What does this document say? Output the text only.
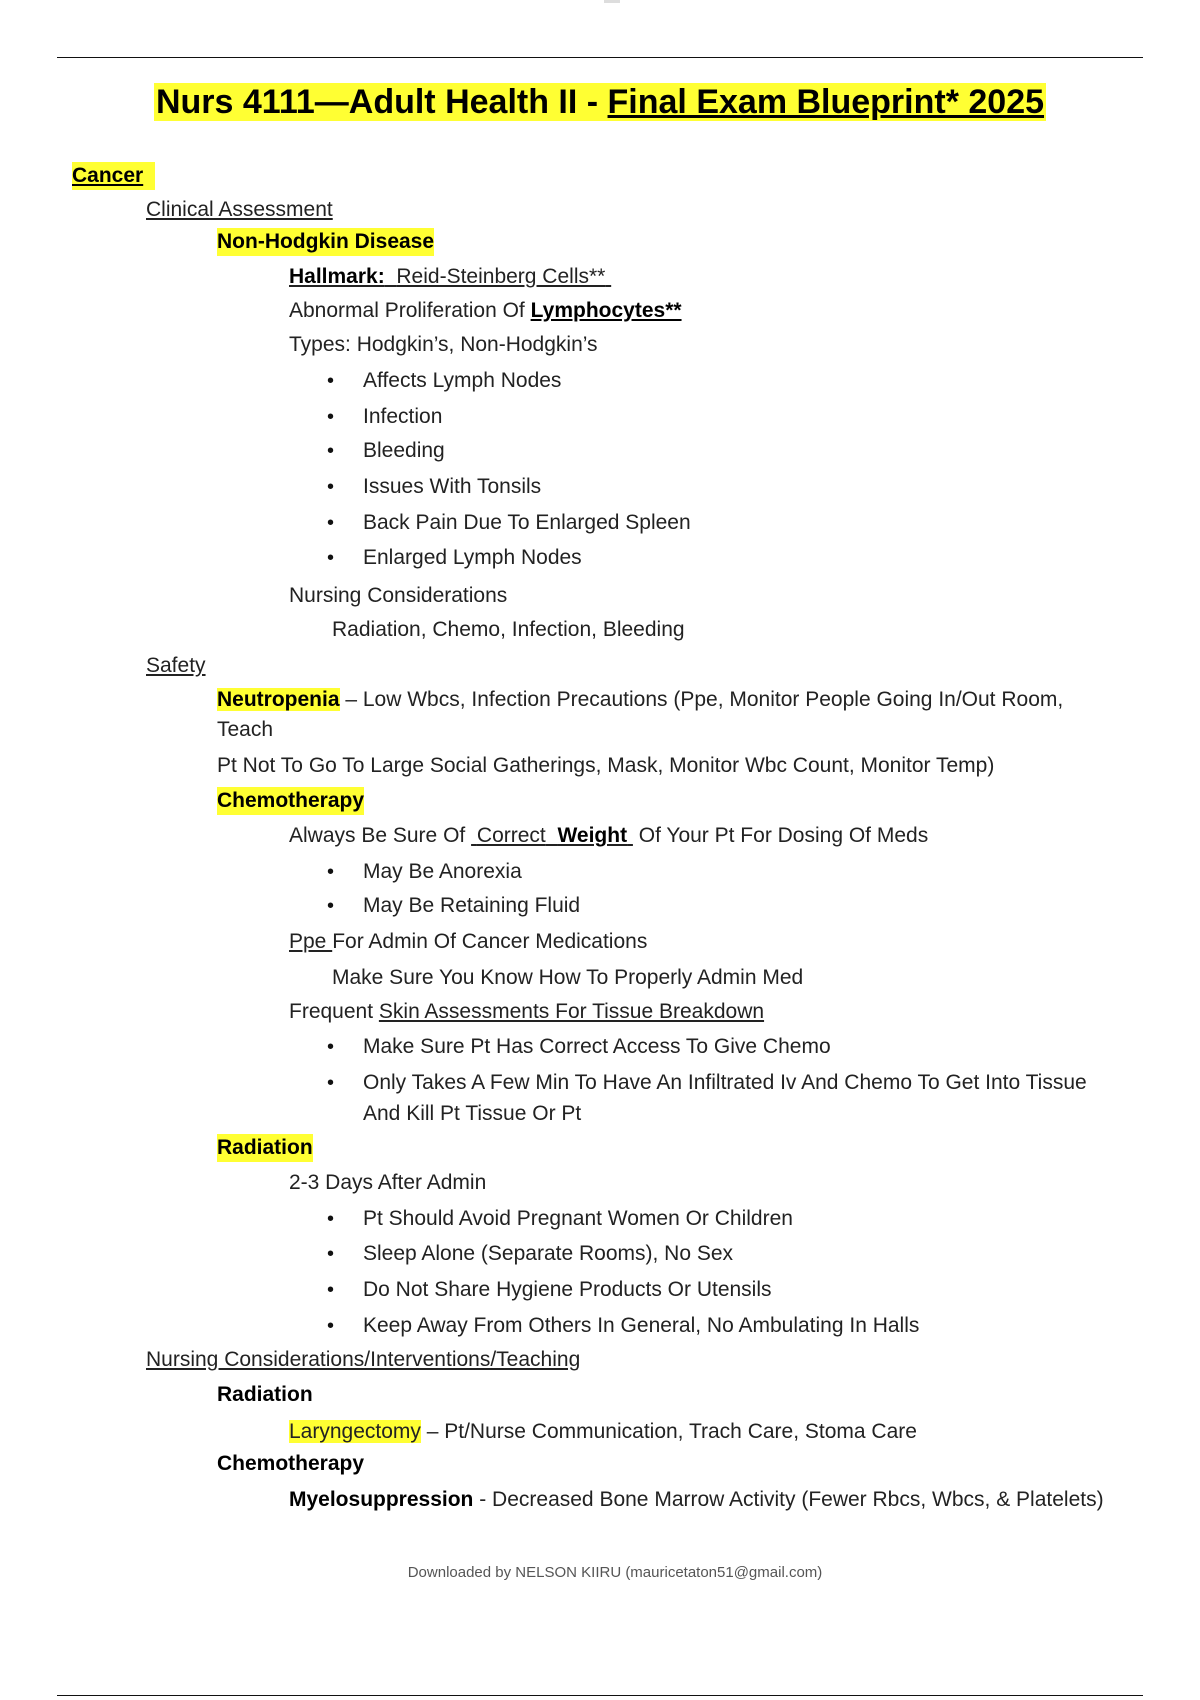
Nurs 4111—Adult Health II - Final Exam Blueprint* 2025
Cancer
Clinical Assessment
Non-Hodgkin Disease
Hallmark: Reid-Steinberg Cells**
Abnormal Proliferation Of Lymphocytes**
Types: Hodgkin’s, Non-Hodgkin’s
• Affects Lymph Nodes
• Infection
• Bleeding
• Issues With Tonsils
• Back Pain Due To Enlarged Spleen
• Enlarged Lymph Nodes
Nursing Considerations
Radiation, Chemo, Infection, Bleeding
Safety
Neutropenia – Low Wbcs, Infection Precautions (Ppe, Monitor People Going In/Out Room,
Teach
Pt Not To Go To Large Social Gatherings, Mask, Monitor Wbc Count, Monitor Temp)
Chemotherapy
Always Be Sure Of  Correct Weight  Of Your Pt For Dosing Of Meds
• May Be Anorexia
• May Be Retaining Fluid
Ppe For Admin Of Cancer Medications
Make Sure You Know How To Properly Admin Med
Frequent Skin Assessments For Tissue Breakdown
• Make Sure Pt Has Correct Access To Give Chemo
• Only Takes A Few Min To Have An Infiltrated Iv And Chemo To Get Into Tissue
And Kill Pt Tissue Or Pt
Radiation
2-3 Days After Admin
• Pt Should Avoid Pregnant Women Or Children
• Sleep Alone (Separate Rooms), No Sex
• Do Not Share Hygiene Products Or Utensils
• Keep Away From Others In General, No Ambulating In Halls
Nursing Considerations/Interventions/Teaching
Radiation
Laryngectomy – Pt/Nurse Communication, Trach Care, Stoma Care
Chemotherapy
Myelosuppression - Decreased Bone Marrow Activity (Fewer Rbcs, Wbcs, & Platelets)
Downloaded by NELSON KIIRU (mauricetaton51@gmail.com)
